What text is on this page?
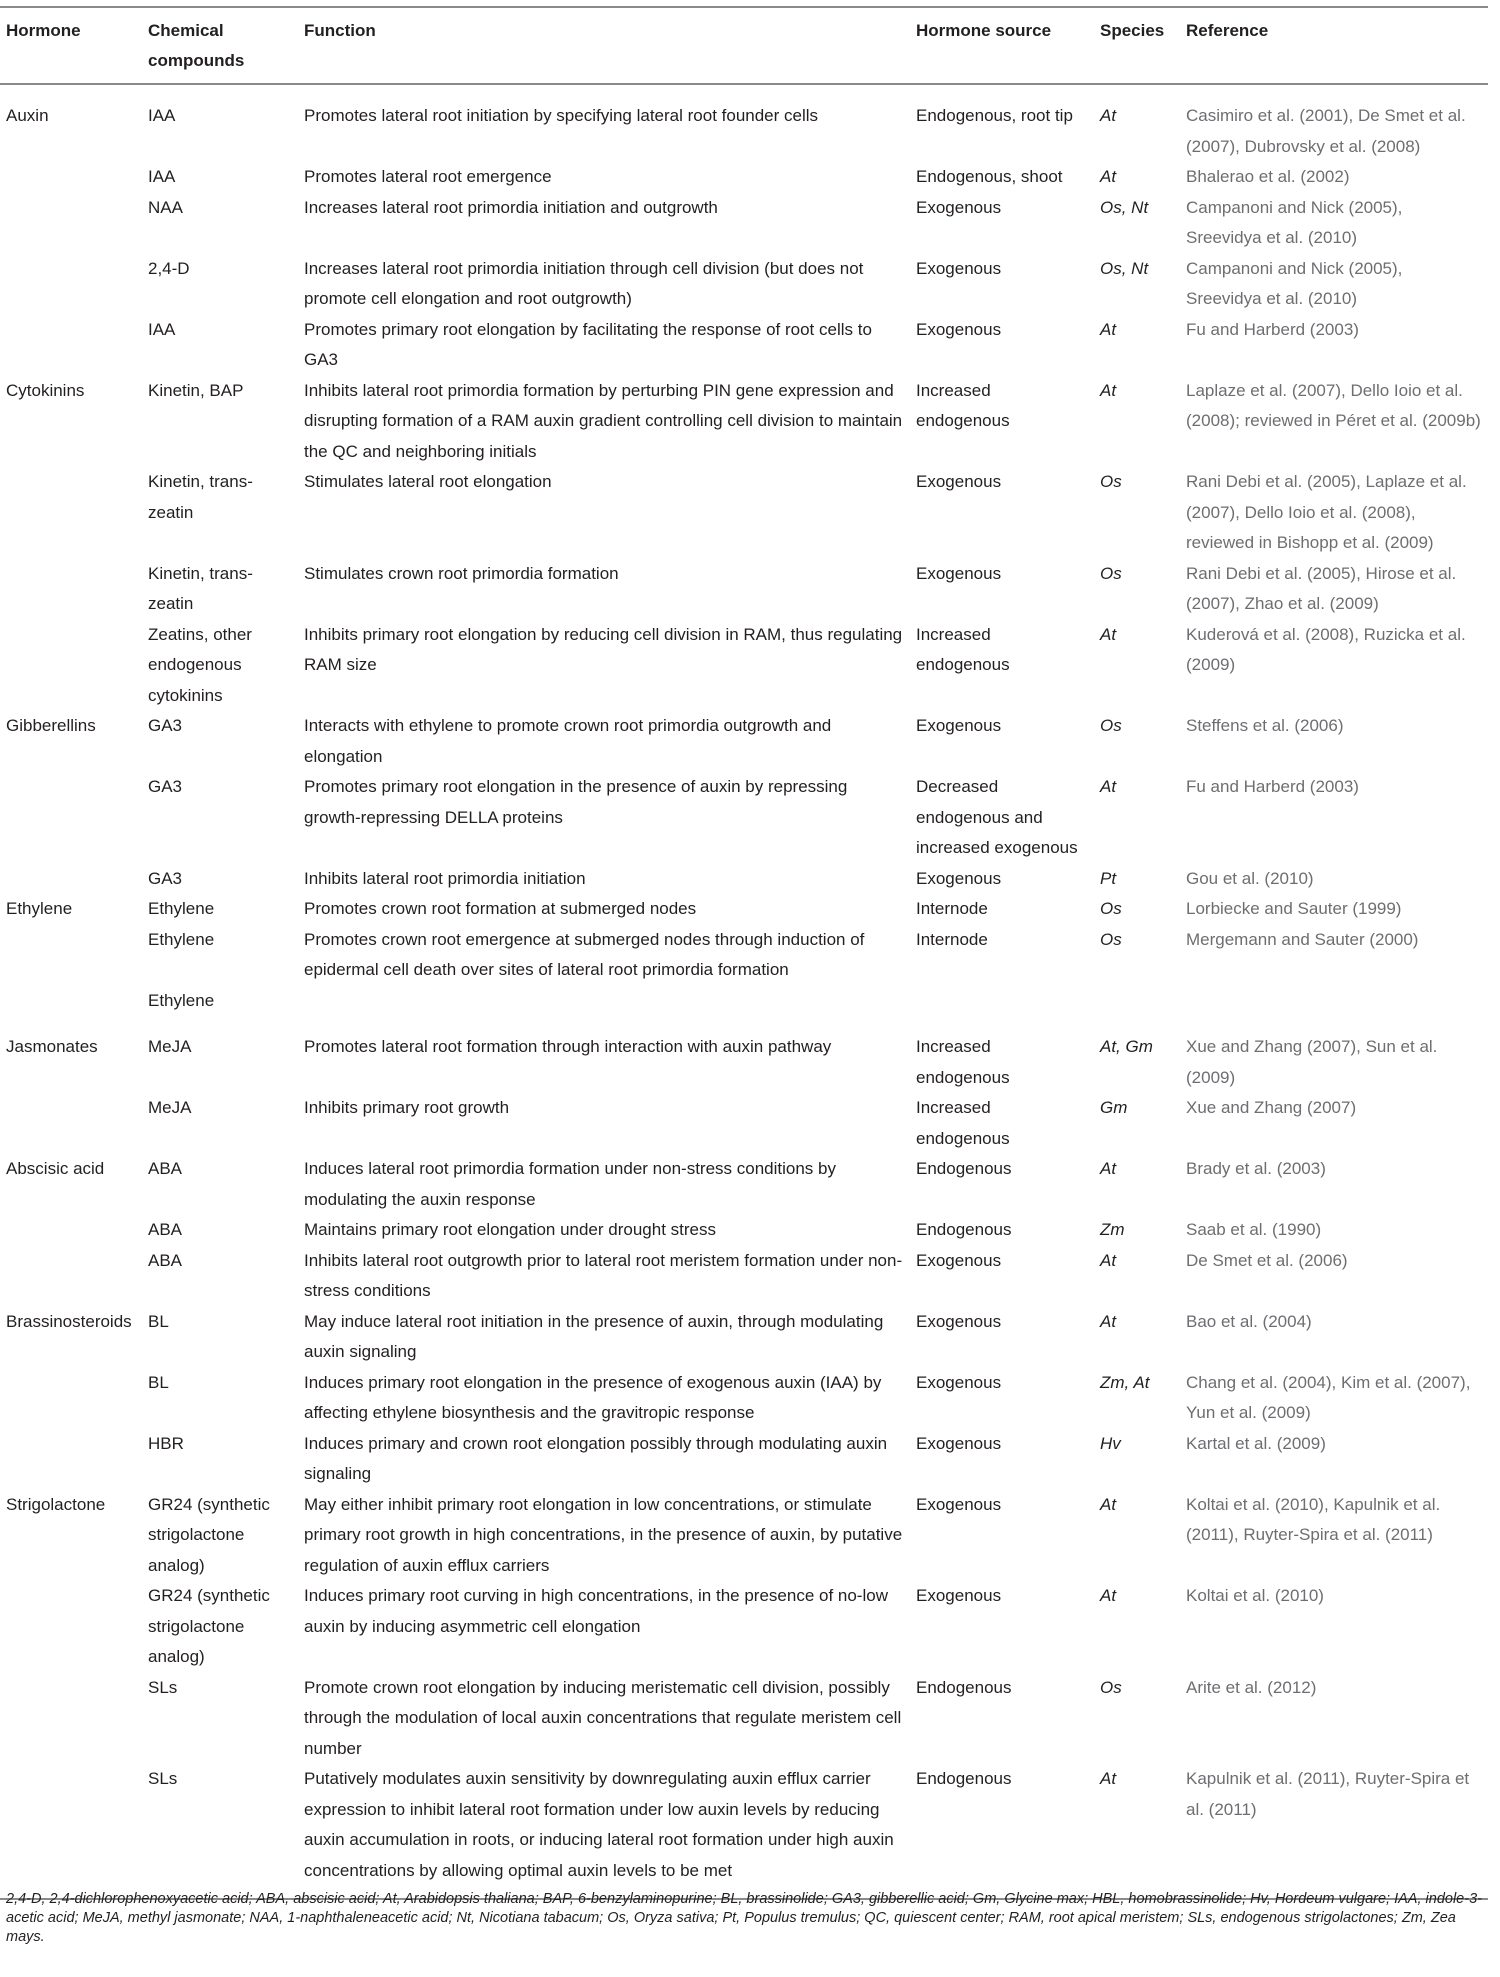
Hormone	Chemical compounds	Function	Hormone source	Species	Reference
Auxin	IAA	Promotes lateral root initiation by specifying lateral root founder cells	Endogenous, root tip	At	Casimiro et al. (2001), De Smet et al. (2007), Dubrovsky et al. (2008)
	IAA	Promotes lateral root emergence	Endogenous, shoot	At	Bhalerao et al. (2002)
	NAA	Increases lateral root primordia initiation and outgrowth	Exogenous	Os, Nt	Campanoni and Nick (2005), Sreevidya et al. (2010)
	2,4-D	Increases lateral root primordia initiation through cell division (but does not promote cell elongation and root outgrowth)	Exogenous	Os, Nt	Campanoni and Nick (2005), Sreevidya et al. (2010)
	IAA	Promotes primary root elongation by facilitating the response of root cells to GA3	Exogenous	At	Fu and Harberd (2003)
Cytokinins	Kinetin, BAP	Inhibits lateral root primordia formation by perturbing PIN gene expression and disrupting formation of a RAM auxin gradient controlling cell division to maintain the QC and neighboring initials	Increased endogenous	At	Laplaze et al. (2007), Dello Ioio et al. (2008); reviewed in Péret et al. (2009b)
	Kinetin, trans-zeatin	Stimulates lateral root elongation	Exogenous	Os	Rani Debi et al. (2005), Laplaze et al. (2007), Dello Ioio et al. (2008), reviewed in Bishopp et al. (2009)
	Kinetin, trans-zeatin	Stimulates crown root primordia formation	Exogenous	Os	Rani Debi et al. (2005), Hirose et al. (2007), Zhao et al. (2009)
	Zeatins, other endogenous cytokinins	Inhibits primary root elongation by reducing cell division in RAM, thus regulating RAM size	Increased endogenous	At	Kuderová et al. (2008), Ruzicka et al. (2009)
Gibberellins	GA3	Interacts with ethylene to promote crown root primordia outgrowth and elongation	Exogenous	Os	Steffens et al. (2006)
	GA3	Promotes primary root elongation in the presence of auxin by repressing growth-repressing DELLA proteins	Decreased endogenous and increased exogenous	At	Fu and Harberd (2003)
	GA3	Inhibits lateral root primordia initiation	Exogenous	Pt	Gou et al. (2010)
Ethylene	Ethylene	Promotes crown root formation at submerged nodes	Internode	Os	Lorbiecke and Sauter (1999)
	Ethylene	Promotes crown root emergence at submerged nodes through induction of epidermal cell death over sites of lateral root primordia formation	Internode	Os	Mergemann and Sauter (2000)
	Ethylene				
Jasmonates	MeJA	Promotes lateral root formation through interaction with auxin pathway	Increased endogenous	At, Gm	Xue and Zhang (2007), Sun et al. (2009)
	MeJA	Inhibits primary root growth	Increased endogenous	Gm	Xue and Zhang (2007)
Abscisic acid	ABA	Induces lateral root primordia formation under non-stress conditions by modulating the auxin response	Endogenous	At	Brady et al. (2003)
	ABA	Maintains primary root elongation under drought stress	Endogenous	Zm	Saab et al. (1990)
	ABA	Inhibits lateral root outgrowth prior to lateral root meristem formation under non-stress conditions	Exogenous	At	De Smet et al. (2006)
Brassinosteroids	BL	May induce lateral root initiation in the presence of auxin, through modulating auxin signaling	Exogenous	At	Bao et al. (2004)
	BL	Induces primary root elongation in the presence of exogenous auxin (IAA) by affecting ethylene biosynthesis and the gravitropic response	Exogenous	Zm, At	Chang et al. (2004), Kim et al. (2007), Yun et al. (2009)
	HBR	Induces primary and crown root elongation possibly through modulating auxin signaling	Exogenous	Hv	Kartal et al. (2009)
Strigolactone	GR24 (synthetic strigolactone analog)	May either inhibit primary root elongation in low concentrations, or stimulate primary root growth in high concentrations, in the presence of auxin, by putative regulation of auxin efflux carriers	Exogenous	At	Koltai et al. (2010), Kapulnik et al. (2011), Ruyter-Spira et al. (2011)
	GR24 (synthetic strigolactone analog)	Induces primary root curving in high concentrations, in the presence of no-low auxin by inducing asymmetric cell elongation	Exogenous	At	Koltai et al. (2010)
	SLs	Promote crown root elongation by inducing meristematic cell division, possibly through the modulation of local auxin concentrations that regulate meristem cell number	Endogenous	Os	Arite et al. (2012)
	SLs	Putatively modulates auxin sensitivity by downregulating auxin efflux carrier expression to inhibit lateral root formation under low auxin levels by reducing auxin accumulation in roots, or inducing lateral root formation under high auxin concentrations by allowing optimal auxin levels to be met	Endogenous	At	Kapulnik et al. (2011), Ruyter-Spira et al. (2011)
2,4-D, 2,4-dichlorophenoxyacetic acid; ABA, abscisic acid; At, Arabidopsis thaliana; BAP, 6-benzylaminopurine; BL, brassinolide; GA3, gibberellic acid; Gm, Glycine max; HBL, homobrassinolide; Hv, Hordeum vulgare; IAA, indole-3-acetic acid; MeJA, methyl jasmonate; NAA, 1-naphthaleneacetic acid; Nt, Nicotiana tabacum; Os, Oryza sativa; Pt, Populus tremulus; QC, quiescent center; RAM, root apical meristem; SLs, endogenous strigolactones; Zm, Zea mays.
